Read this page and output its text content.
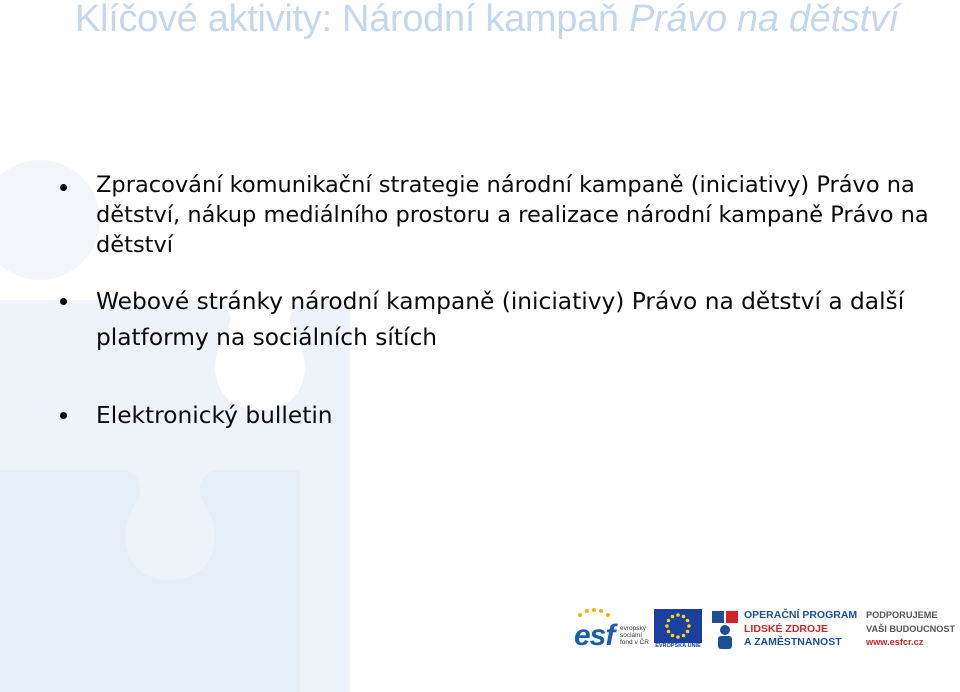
Klíčové aktivity: Národní kampaň Právo na dětství
Zpracování komunikační strategie národní kampaně (iniciativy) Právo na dětství, nákup mediálního prostoru a realizace národní kampaně Právo na dětství
Webové stránky národní kampaně (iniciativy) Právo na dětství a další platformy na sociálních sítích
Elektronický bulletin
esf evropský
sociální
fond v ČR	EVROPSKÁ UNIE
OPERAČNÍ PROGRAM
LIDSKÉ ZDROJE
A ZAMĚSTNANOST
PODPORUJEME
VAŠI BUDOUCNOST
www.esfcr.cz
